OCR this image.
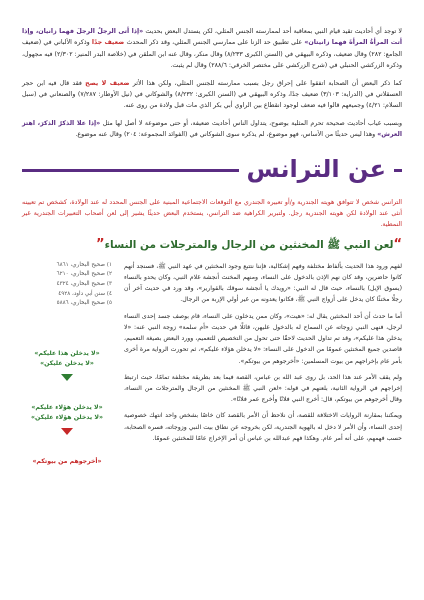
لا توجد أي أحاديث تقيد قيام النبي بمعاقبة أحد لممارسته الجنس المثلي، لكن يستدل البعض بحديث «إذا أتى الرجلُ الرجلَ فهما زانيان، وإذا أتت المرأةُ المرأةَ فهما زانيتان» على تطبيق حد الزنا على ممارسي الجنس المثلي، وقد ذكر المحدث ضعيف جدًا وذكره الألباني في (ضعيف الجامع: ٢٨٢) وقال ضعيف، وذكره البيهقي في (السنن الكبرى ٨/٢٣٣) وقال منكر، وقال عنه ابن الملقن في (خلاصة البدر المنير: ٢/٣٠٢) فيه مجهول، وذكره الزركشي الحنبلي في (شرح الزركشي على مختصر الخرقي: ٢٨٨/٦) وقال لم يثبت.

كما ذكر البعض أن الصحابة اتفقوا على إحراق رجل بسبب ممارسته للجنس المثلي، ولكن هذا الأثر ضعيف لا يصح فقد قال فيه ابن حجر العسقلاني في (الدراية: ٣/١٠٣) ضعيف جدًا، وذكره البيهقي في (السنن الكبرى: ٨/٢٣٢) والشوكاني في (نيل الأوطار: ٧/٢٨٧) والصنعاني في (سبل السلام: ٤/٢١) وجميعهم قالوا فيه ضعف لوجود انقطاع بين الراوي أبي بكر الذي مات قبل ولادة من روى عنه.

وبسبب غياب أحاديث صحيحة تحرم المثلية بوضوح، يتداول الناس أحاديث ضعيفة، أو حتى موضوعة لا أصل لها مثل «إذا علا الذكرُ الذكرَ، اهتز العرش» وهذا ليس حديثًا من الأساس، فهو موضوع، لم يذكره سوى الشوكاني في (الفوائد المجموعة: ٢٠٤) وقال عنه موضوع.

عن الترانس

الترانس شخص لا تتوافق هويته الجندرية و/أو تعبيره الجندري مع التوقعات الاجتماعية المبنية على الجنس المحدد له عند الولادة، كشخص تم تعيينه أنثى عند الولادة لكن هويته الجندرية رجل. ولتبرير الكراهية ضد الترانس، يستخدم البعض حديثًا يشير إلى لعن أصحاب التعبيرات الجندرية غير النمطية.

“لعن النبي ﷺ المخنثين من الرجال والمترجلات من النساء”

لفهم ورود هذا الحديث بألفاظ مختلفة وفهم إشكالية، فإننا نتتبع وجود المخنثين في عهد النبي ﷺ، فسنجد أنهم كانوا حاضرين، وقد كان نهم الإذن بالدخول على النساء، ومنهم المخنث أنجشة غلام النبي، وكان يحدو بالنساء (يسوق الإبل) بالنساء، حيث قال له النبي: «رويدك يا أنجشة سوقك بالقوارير»، وقد ورد في حديث آخر أن رجلًا مخنثًا كان يدخل على أزواج النبي ﷺ، فكانوا يعدونه من غير أولي الإربة من الرجال.

أما ما حدث أن أحد المخنثين يقال له: «هيت»، وكان ممن يدخلون على النساء، قام بوصف جسد إحدى النساء لرجل، فنهى النبي زوجاته عن السماح له بالدخول عليهن، قائلًا في حديث «أم سلمة» زوجة النبي عنه: «لا يدخلن هذا عليكم»، وقد تم تداول الحديث لاحقًا حتى تحول من التخصيص للتعميم، وورد البعض بصيغة التعميم، قاصدين جميع المخنثين عمومًا من الدخول على النساء: «لا يدخلن هؤلاء عليكم»، ثم تحورت الرواية مرة أخرى بأمر عام بإخراجهم من بيوت المسلمين: «أخرجوهم من بيوتكم».

ولم يقف الأمر عند هذا الحد، بل روى عبد الله بن عباس، القصة فيما بعد بطريقة مختلفة تمامًا، حيث ارتبط إخراجهم في الرواية الثانية، بلعنهم في قوله: «لعن النبي ﷺ المخنثين من الرجال والمترجلات من النساء، وقال أخرجوهم من بيوتكم، قال: أخرج النبي فلانًا وأخرج عمر فلانًا».

ويمكننا بمقارنة الروايات الاختلافة للقصة، أن نلاحظ أن الأمر بالقصد كان خاصًا بشخص واحد انتهك خصوصية إحدى النساء، وأن الأمر لا دخل له بالهوية الجندرية، لكن بخروجه عن نطاق بيت النبي وزوجاته، فسره الصحابة، حسب فهمهم، على أنه أمر عام. وهكذا فهم عبدالله بن عباس أن أمر الإخراج عامًا للمخنثين عمومًا.

١) صحيح البخاري، ٦٨٦١
٢) صحيح البخاري، ٦٢١٠
٣) صحيح البخاري، ٤٣٢٤
٤) سنن أبي داود، ٤٩٢٨
٥) صحيح البخاري، ٥٨٨٦
«لا يدخلن هذا عليكم»
«لا يدخلن عليكن»
«لا يدخلن هؤلاء عليكم»
«لا يدخلن هؤلاء عليكن»
«أخرجوهم من بيوتكم»
